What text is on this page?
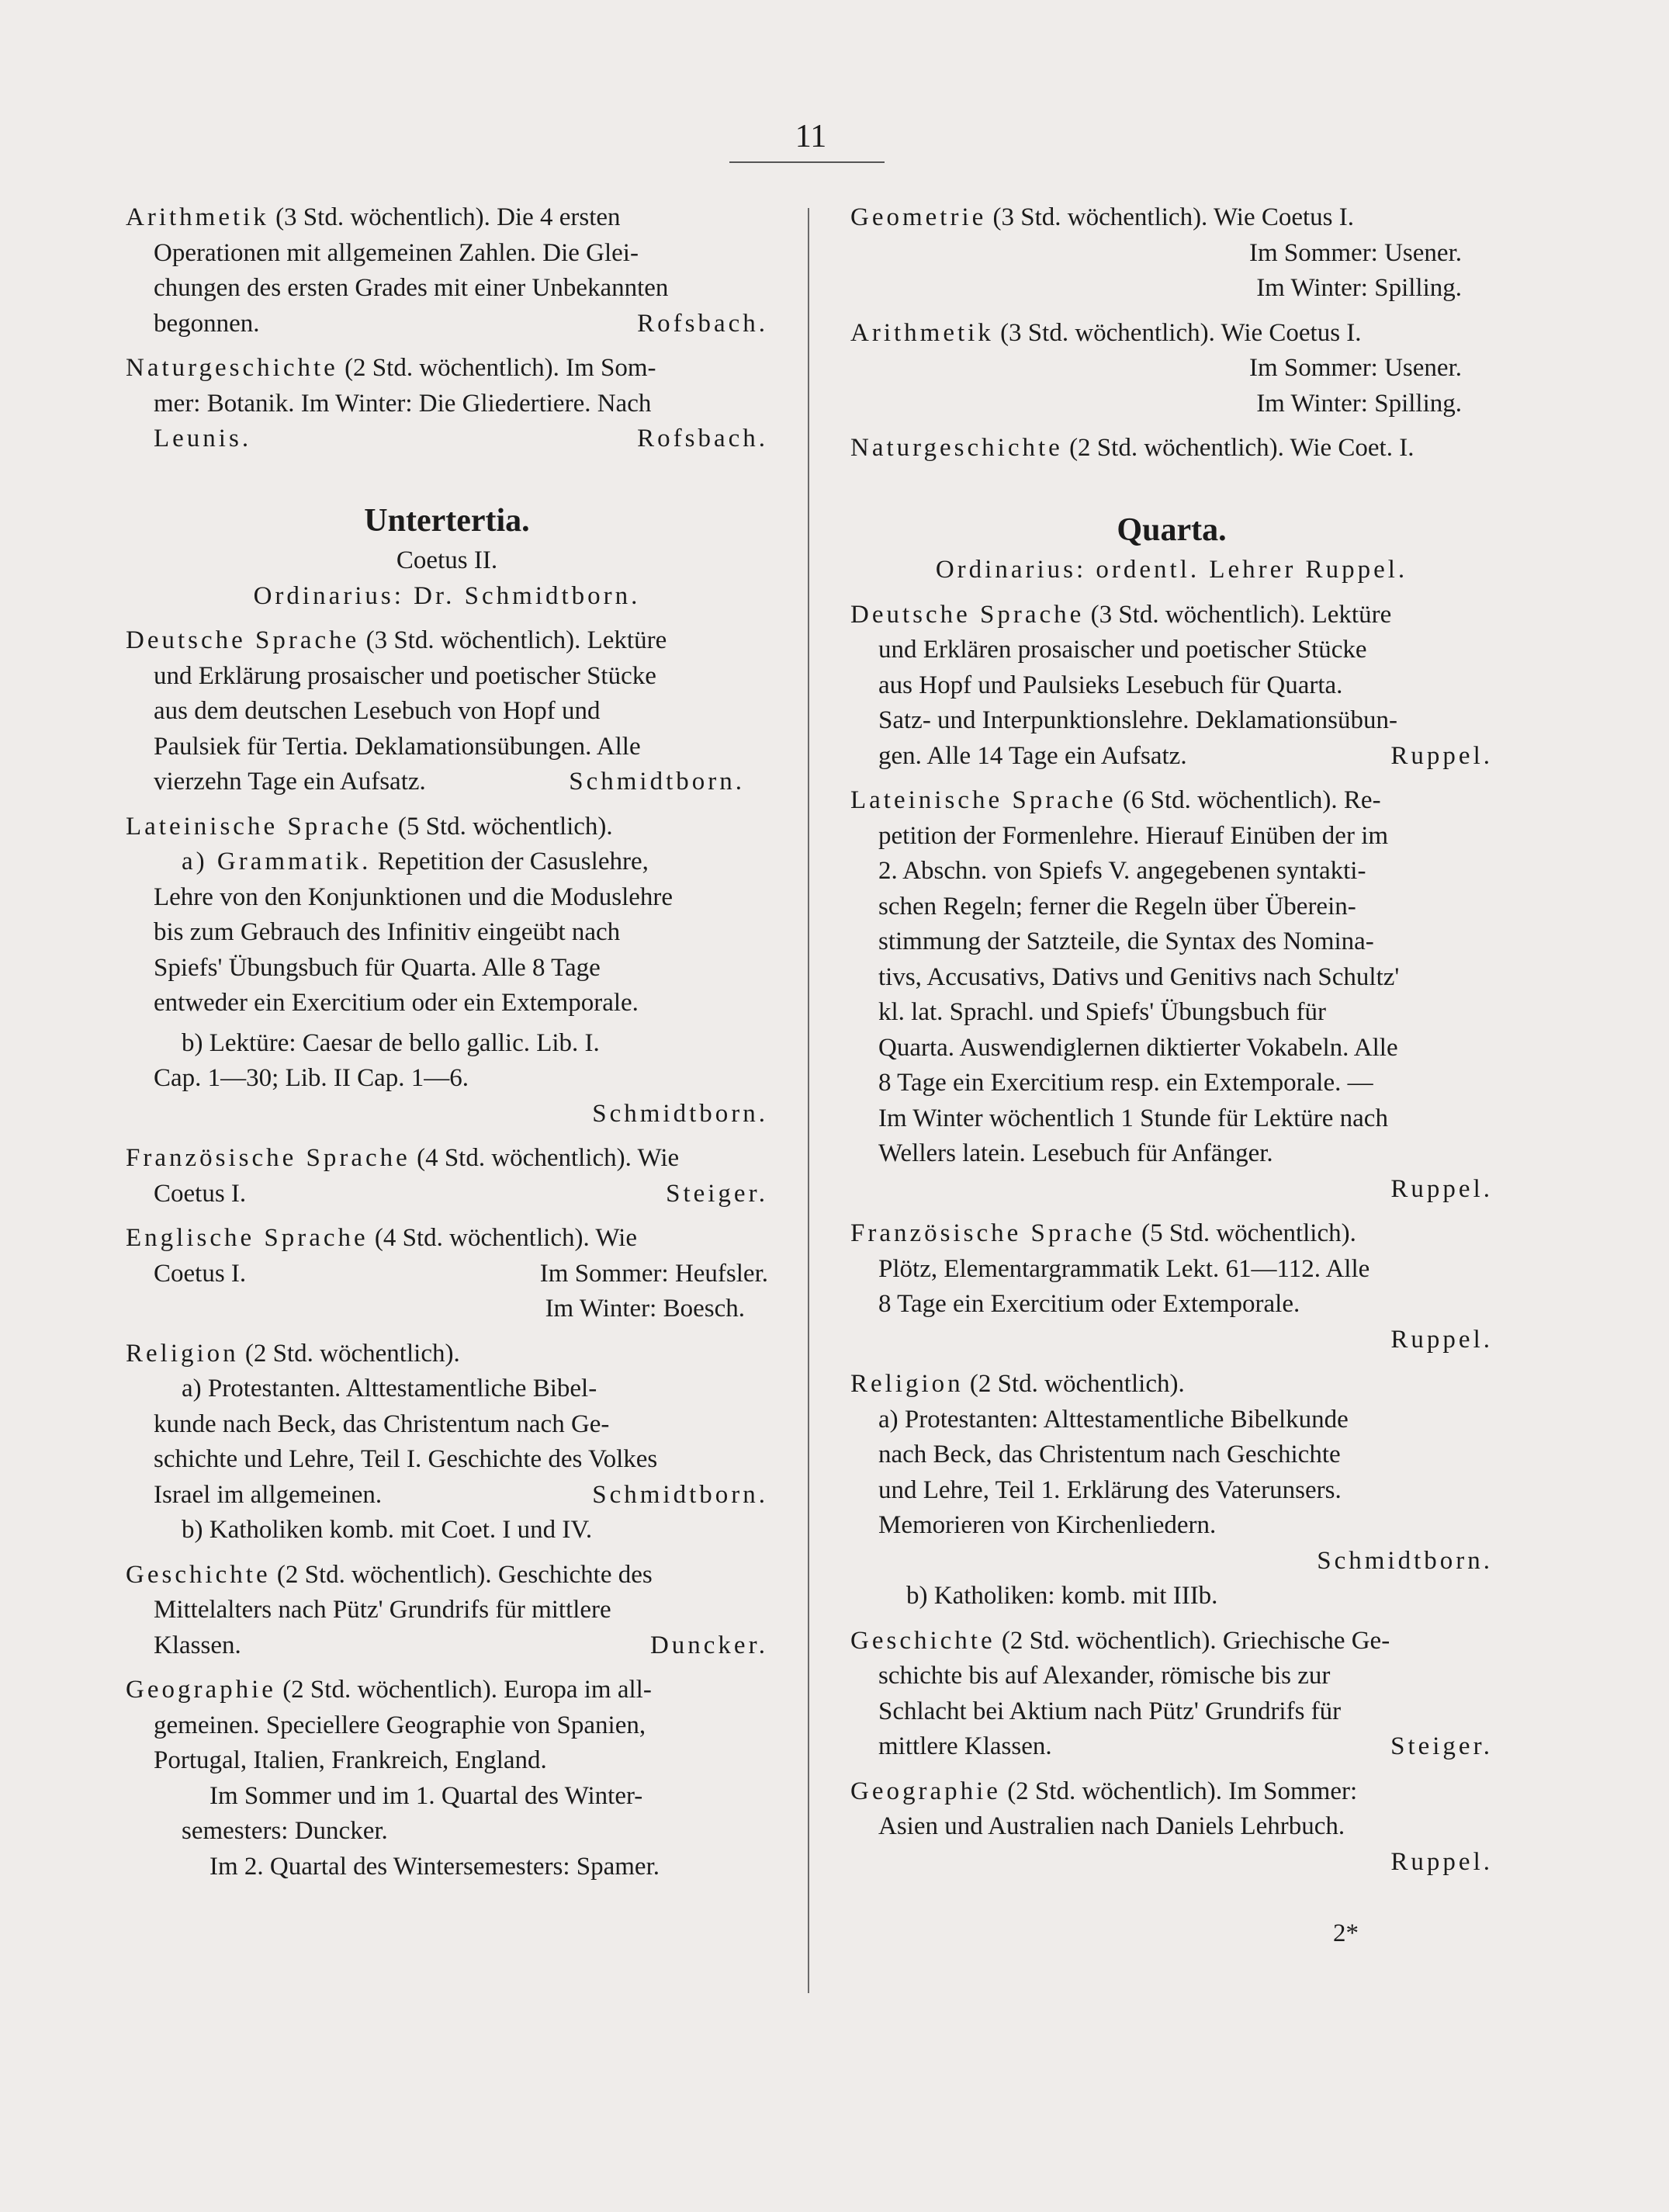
11
Arithmetik (3 Std. wöchentlich). Die 4 ersten
Operationen mit allgemeinen Zahlen. Die Glei-
chungen des ersten Grades mit einer Unbekannten
begonnen.	Rofsbach.
Naturgeschichte (2 Std. wöchentlich). Im Som-
mer: Botanik. Im Winter: Die Gliedertiere. Nach
Leunis.	Rofsbach.
Untertertia.
Coetus II.
Ordinarius: Dr. Schmidtborn.
Deutsche Sprache (3 Std. wöchentlich). Lektüre
und Erklärung prosaischer und poetischer Stücke
aus dem deutschen Lesebuch von Hopf und
Paulsiek für Tertia. Deklamationsübungen. Alle
vierzehn Tage ein Aufsatz.	Schmidtborn.
Lateinische Sprache (5 Std. wöchentlich).
a) Grammatik. Repetition der Casuslehre,
Lehre von den Konjunktionen und die Moduslehre
bis zum Gebrauch des Infinitiv eingeübt nach
Spiefs' Übungsbuch für Quarta. Alle 8 Tage
entweder ein Exercitium oder ein Extemporale.
b) Lektüre: Caesar de bello gallic. Lib. I.
Cap. 1—30; Lib. II Cap. 1—6.
Schmidtborn.
Französische Sprache (4 Std. wöchentlich). Wie
Coetus I.	Steiger.
Englische Sprache (4 Std. wöchentlich). Wie
Coetus I.	Im Sommer: Heufsler.
Im Winter: Boesch.
Religion (2 Std. wöchentlich).
a) Protestanten. Alttestamentliche Bibel-
kunde nach Beck, das Christentum nach Ge-
schichte und Lehre, Teil I. Geschichte des Volkes
Israel im allgemeinen.	Schmidtborn.
b) Katholiken komb. mit Coet. I und IV.
Geschichte (2 Std. wöchentlich). Geschichte des
Mittelalters nach Pütz' Grundrifs für mittlere
Klassen.	Duncker.
Geographie (2 Std. wöchentlich). Europa im all-
gemeinen. Speciellere Geographie von Spanien,
Portugal, Italien, Frankreich, England.
Im Sommer und im 1. Quartal des Winter-
semesters: Duncker.
Im 2. Quartal des Wintersemesters: Spamer.
Geometrie (3 Std. wöchentlich). Wie Coetus I.
Im Sommer: Usener.
Im Winter: Spilling.
Arithmetik (3 Std. wöchentlich). Wie Coetus I.
Im Sommer: Usener.
Im Winter: Spilling.
Naturgeschichte (2 Std. wöchentlich). Wie Coet. I.
Quarta.
Ordinarius: ordentl. Lehrer Ruppel.
Deutsche Sprache (3 Std. wöchentlich). Lektüre
und Erklären prosaischer und poetischer Stücke
aus Hopf und Paulsieks Lesebuch für Quarta.
Satz- und Interpunktionslehre. Deklamationsübun-
gen. Alle 14 Tage ein Aufsatz.	Ruppel.
Lateinische Sprache (6 Std. wöchentlich). Re-
petition der Formenlehre. Hierauf Einüben der im
2. Abschn. von Spiefs V. angegebenen syntakti-
schen Regeln; ferner die Regeln über Überein-
stimmung der Satzteile, die Syntax des Nomina-
tivs, Accusativs, Dativs und Genitivs nach Schultz'
kl. lat. Sprachl. und Spiefs' Übungsbuch für
Quarta. Auswendiglernen diktierter Vokabeln. Alle
8 Tage ein Exercitium resp. ein Extemporale. —
Im Winter wöchentlich 1 Stunde für Lektüre nach
Wellers latein. Lesebuch für Anfänger.
Ruppel.
Französische Sprache (5 Std. wöchentlich).
Plötz, Elementargrammatik Lekt. 61—112. Alle
8 Tage ein Exercitium oder Extemporale.
Ruppel.
Religion (2 Std. wöchentlich).
a) Protestanten: Alttestamentliche Bibelkunde
nach Beck, das Christentum nach Geschichte
und Lehre, Teil 1. Erklärung des Vaterunsers.
Memorieren von Kirchenliedern.
Schmidtborn.
b) Katholiken: komb. mit IIIb.
Geschichte (2 Std. wöchentlich). Griechische Ge-
schichte bis auf Alexander, römische bis zur
Schlacht bei Aktium nach Pütz' Grundrifs für
mittlere Klassen.	Steiger.
Geographie (2 Std. wöchentlich). Im Sommer:
Asien und Australien nach Daniels Lehrbuch.
Ruppel.
2*
